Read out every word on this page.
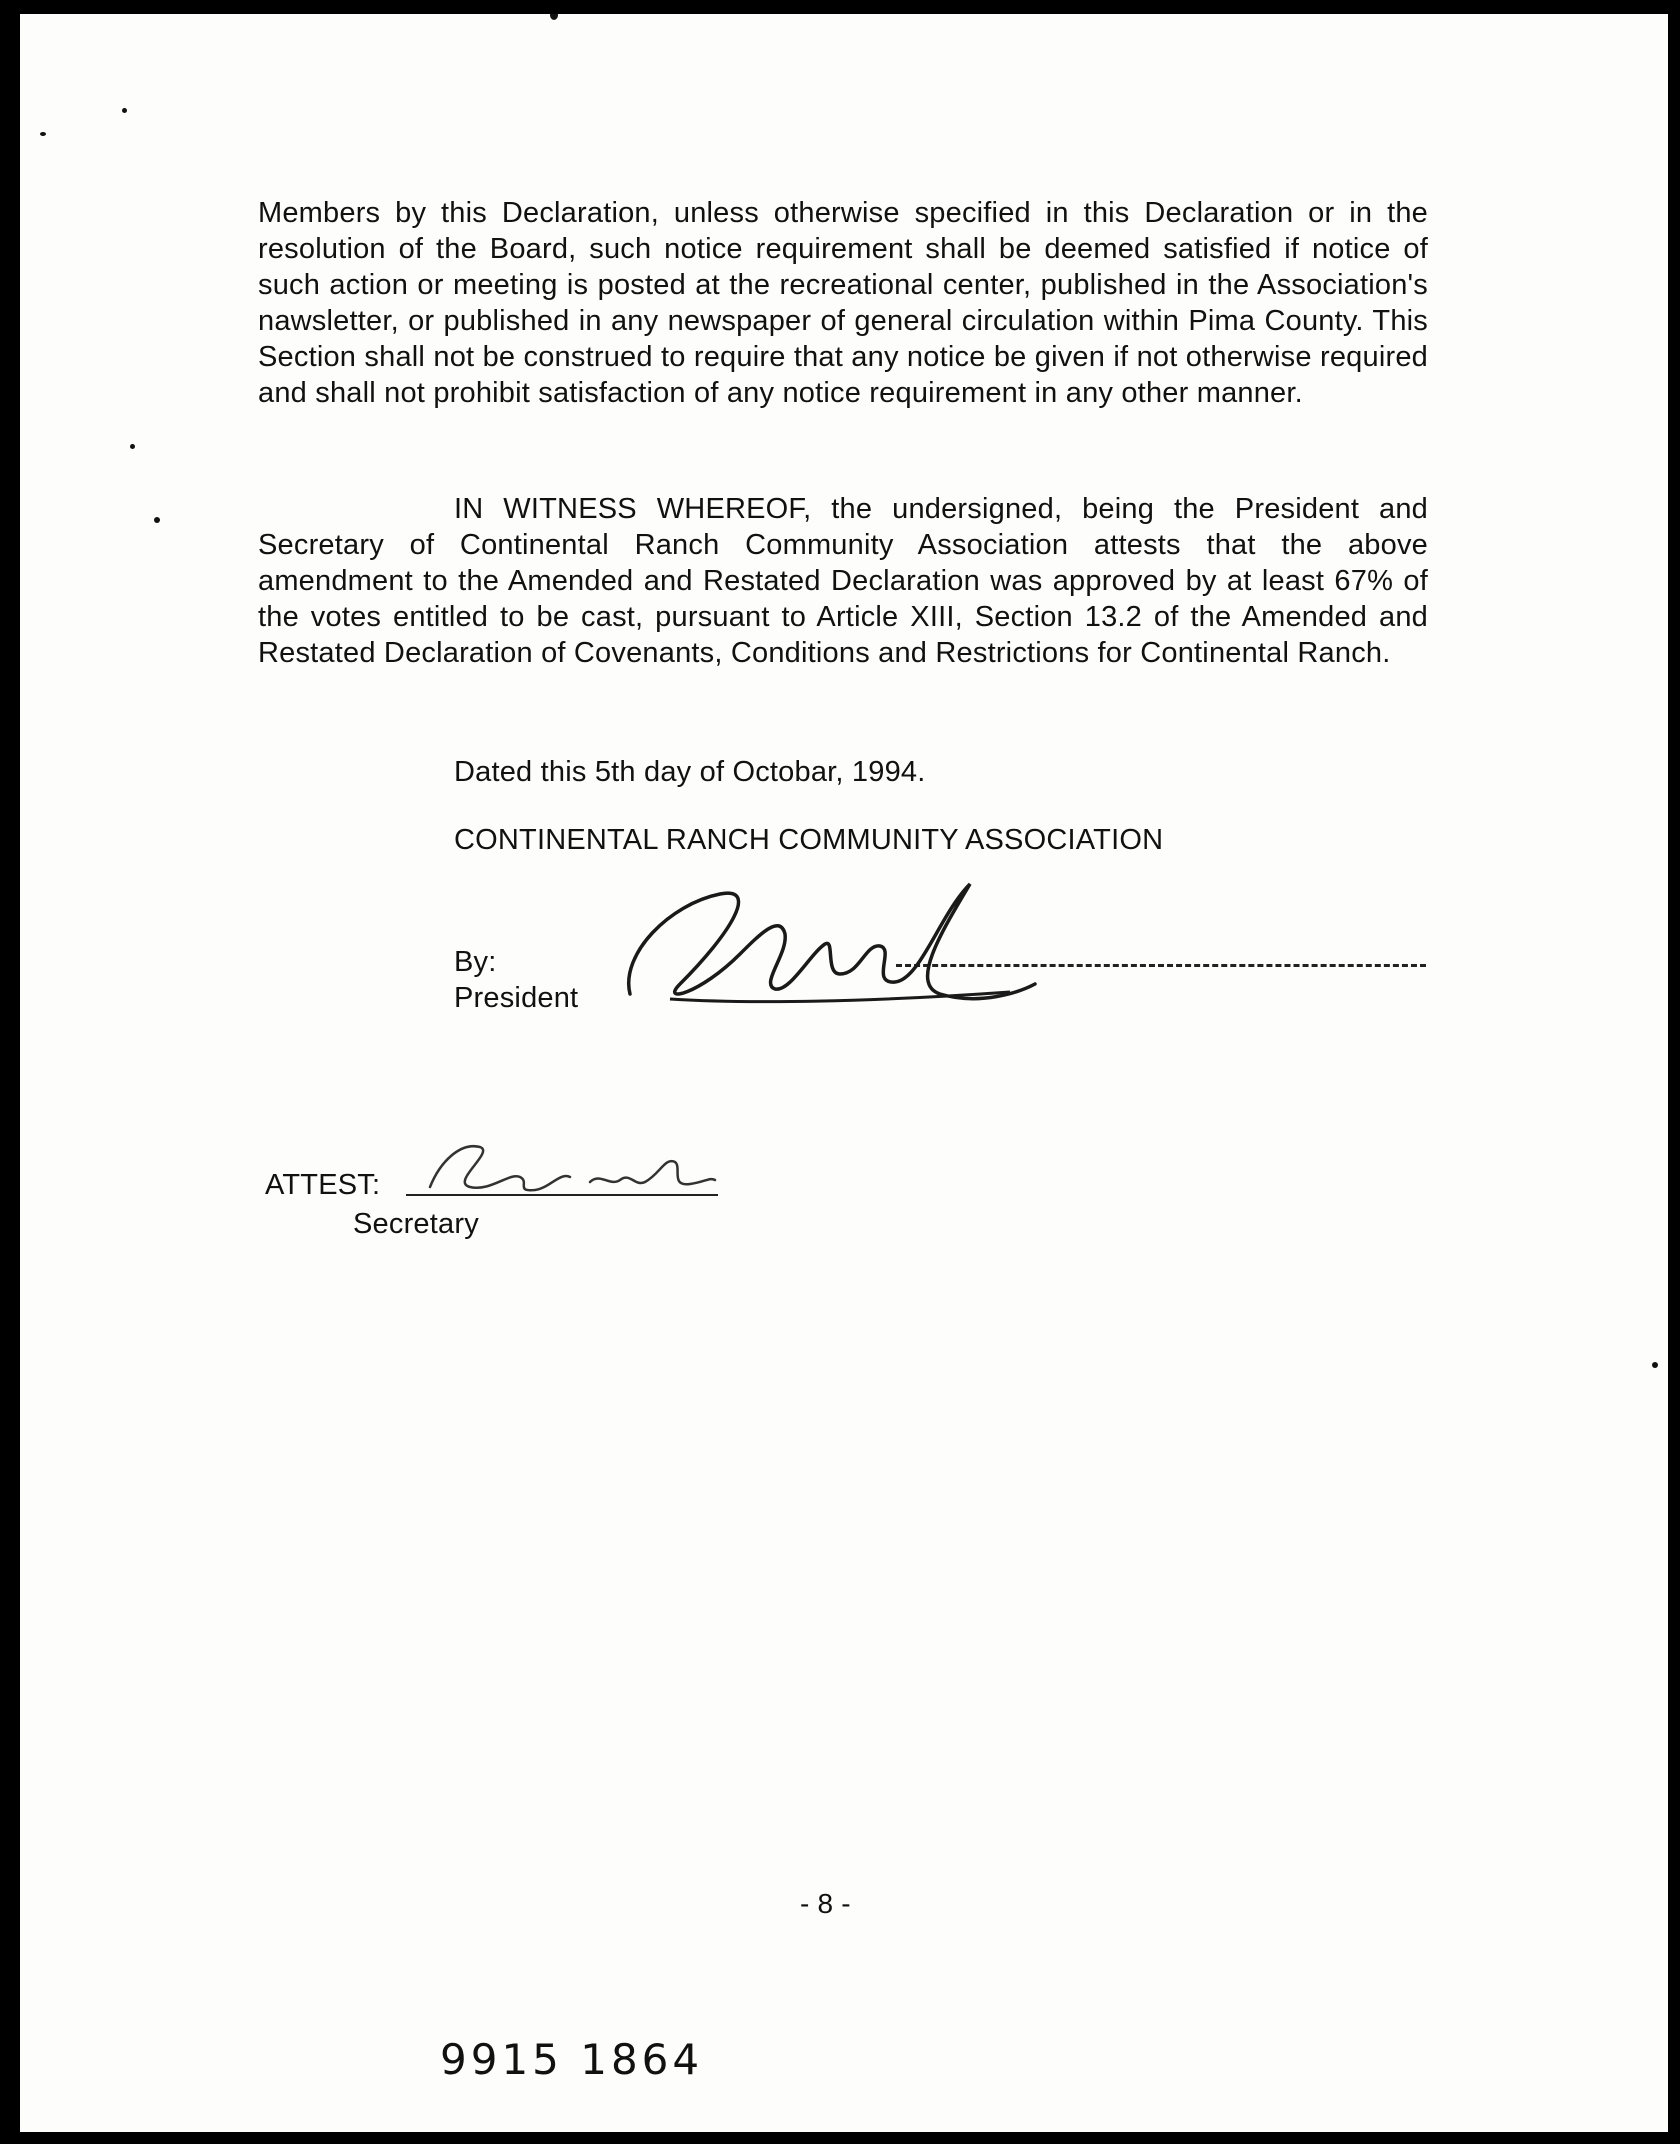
Members by this Declaration, unless otherwise specified in this Declaration or in the resolution of the Board, such notice requirement shall be deemed satisfied if notice of such action or meeting is posted at the recreational center, published in the Association's nawsletter, or published in any newspaper of general circulation within Pima County. This Section shall not be construed to require that any notice be given if not otherwise required and shall not prohibit satisfaction of any notice requirement in any other manner.
IN WITNESS WHEREOF, the undersigned, being the President and Secretary of Continental Ranch Community Association attests that the above amendment to the Amended and Restated Declaration was approved by at least 67% of the votes entitled to be cast, pursuant to Article XIII, Section 13.2 of the Amended and Restated Declaration of Covenants, Conditions and Restrictions for Continental Ranch.
Dated this 5th day of Octobar, 1994.
CONTINENTAL RANCH COMMUNITY ASSOCIATION
By:
President
ATTEST:
Secretary
- 8 -
9915 1864
